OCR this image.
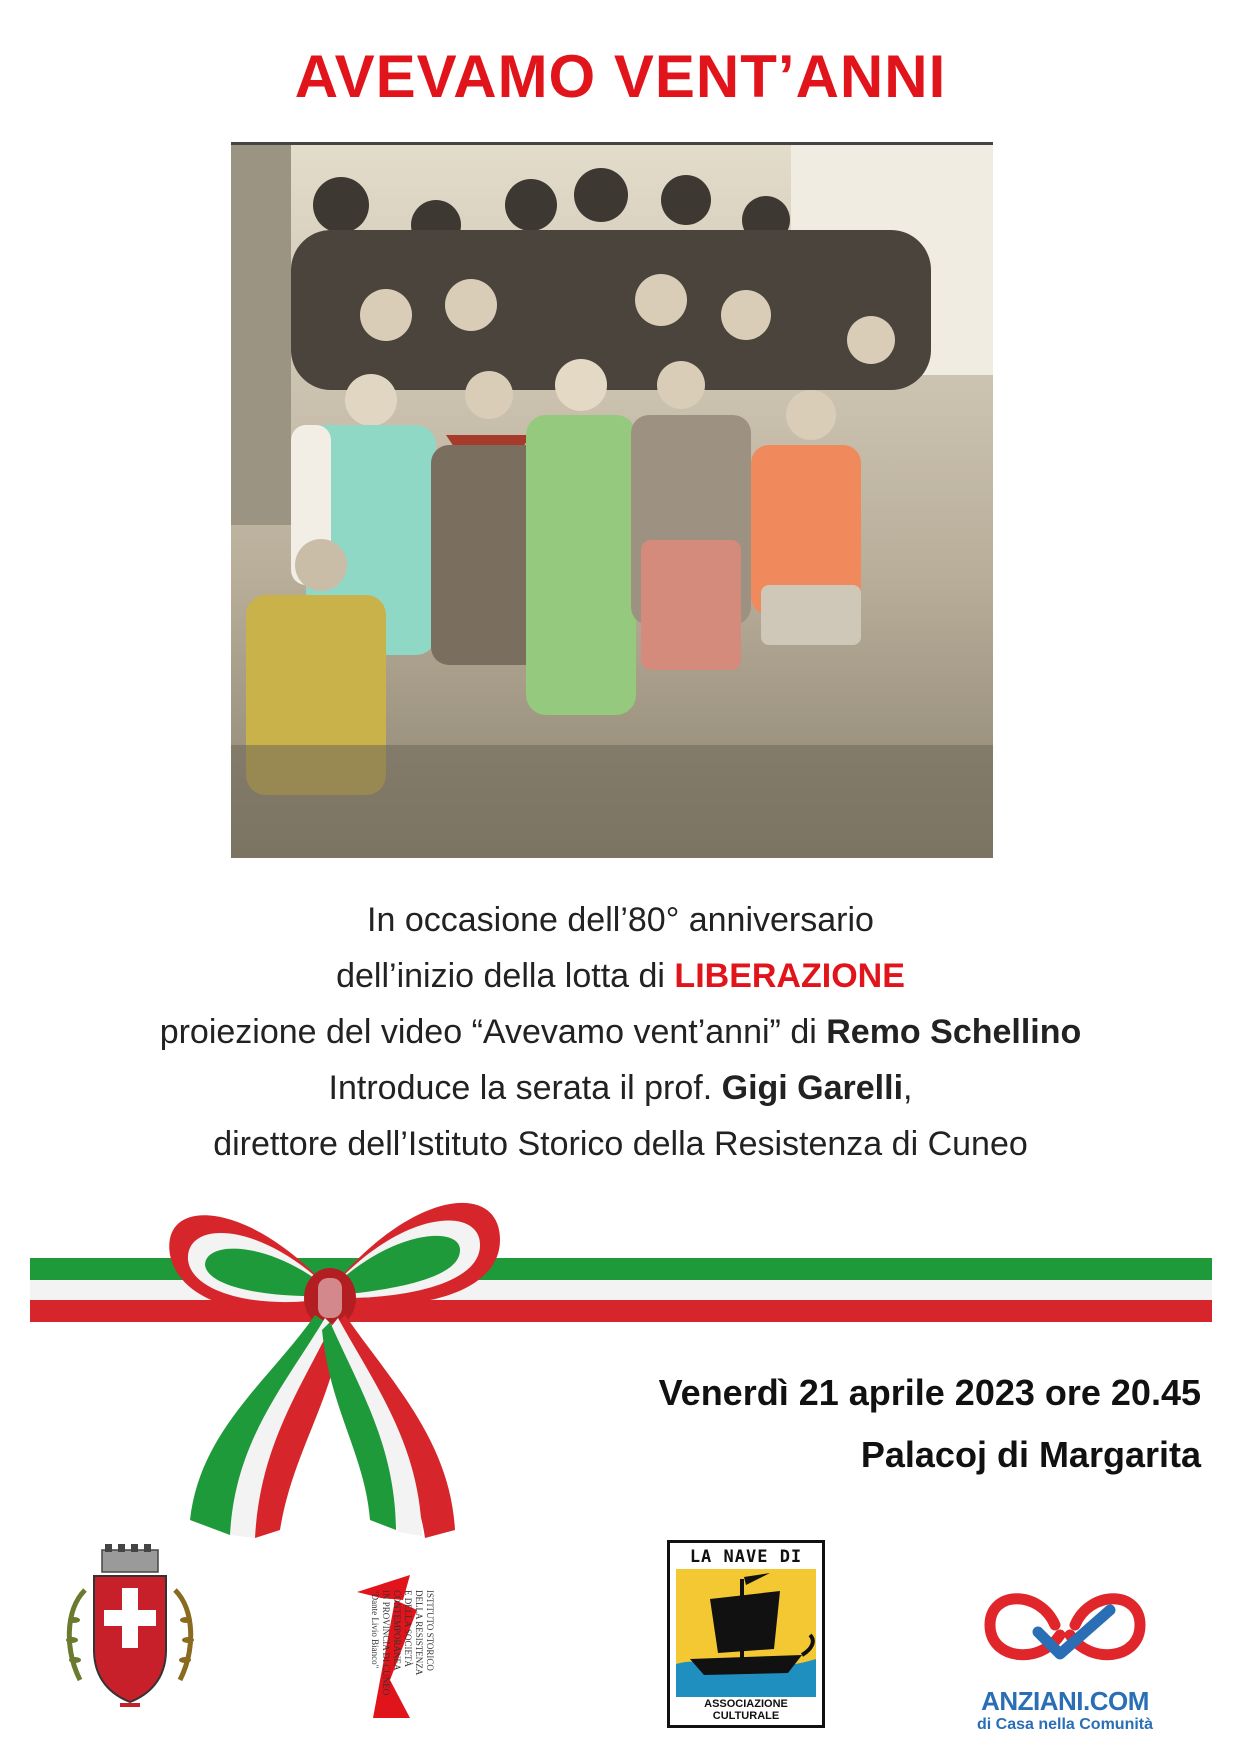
AVEVAMO VENT’ANNI
In occasione dell’80° anniversario
dell’inizio della lotta di LIBERAZIONE
proiezione del video “Avevamo vent’anni” di Remo Schellino
Introduce la serata il prof. Gigi Garelli,
direttore dell’Istituto Storico della Resistenza di Cuneo
Venerdì 21 aprile 2023 ore 20.45
Palacoj di Margarita
ISTITUTO STORICO
DELLA RESISTENZA
E DELLA SOCIETÀ
CONTEMPORANEA
IN PROVINCIA DI CUNEO
"Dante Livio Bianco"
LA NAVE DI
ASSOCIAZIONE CULTURALE	ANZIANI.COM
di Casa nella Comunità
